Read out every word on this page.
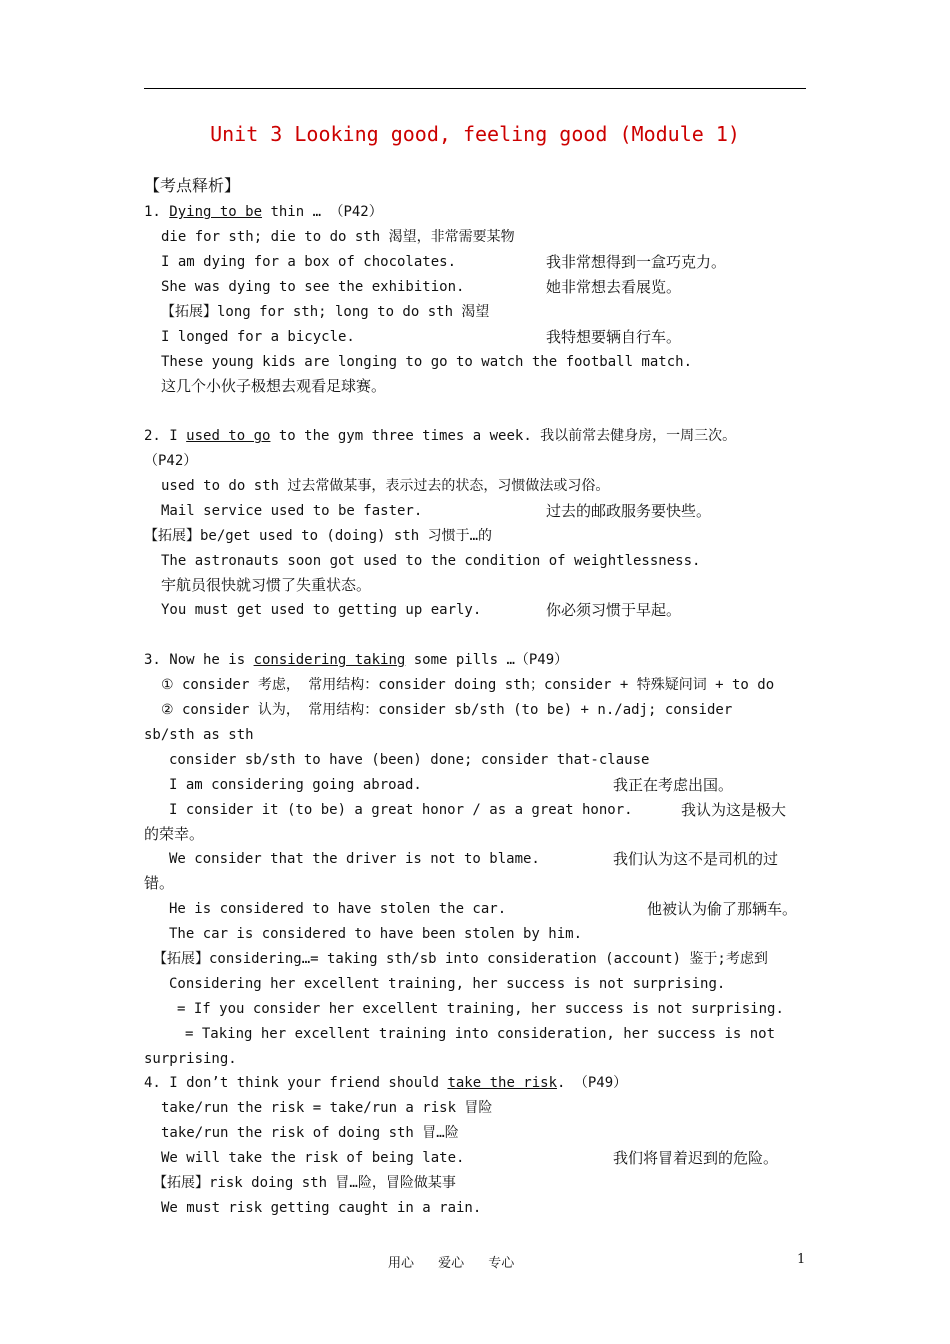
Unit 3 Looking good, feeling good (Module 1)
【考点释析】
1. Dying to be thin … （P42）
die for sth; die to do sth 渴望，非常需要某物
I am dying for a box of chocolates.	我非常想得到一盒巧克力。
She was dying to see the exhibition.	她非常想去看展览。
【拓展】long for sth; long to do sth 渴望
I longed for a bicycle.	我特想要辆自行车。
These young kids are longing to go to watch the football match.
这几个小伙子极想去观看足球赛。
2. I used to go to the gym three times a week. 我以前常去健身房，一周三次。
（P42）
used to do sth 过去常做某事，表示过去的状态，习惯做法或习俗。
Mail service used to be faster.	过去的邮政服务要快些。
【拓展】be/get used to (doing) sth 习惯于…的
The astronauts soon got used to the condition of weightlessness.
宇航员很快就习惯了失重状态。
You must get used to getting up early.	你必须习惯于早起。
3. Now he is considering taking some pills …（P49）
① consider 考虑， 常用结构：consider doing sth；consider + 特殊疑问词 + to do
② consider 认为， 常用结构：consider sb/sth (to be) + n./adj; consider
sb/sth as sth
consider sb/sth to have (been) done; consider that-clause
I am considering going abroad.	我正在考虑出国。
I consider it (to be) a great honor / as a great honor.	我认为这是极大
的荣幸。
We consider that the driver is not to blame.	我们认为这不是司机的过
错。
He is considered to have stolen the car.	他被认为偷了那辆车。
The car is considered to have been stolen by him.
【拓展】considering…= taking sth/sb into consideration (account) 鉴于;考虑到
Considering her excellent training, her success is not surprising.
= If you consider her excellent training, her success is not surprising.
= Taking her excellent training into consideration, her success is not
surprising.
4. I don’t think your friend should take the risk. （P49）
take/run the risk = take/run a risk 冒险
take/run the risk of doing sth 冒…险
We will take the risk of being late.	我们将冒着迟到的危险。
【拓展】risk doing sth 冒…险，冒险做某事
We must risk getting caught in a rain.
用心 爱心 专心	1
